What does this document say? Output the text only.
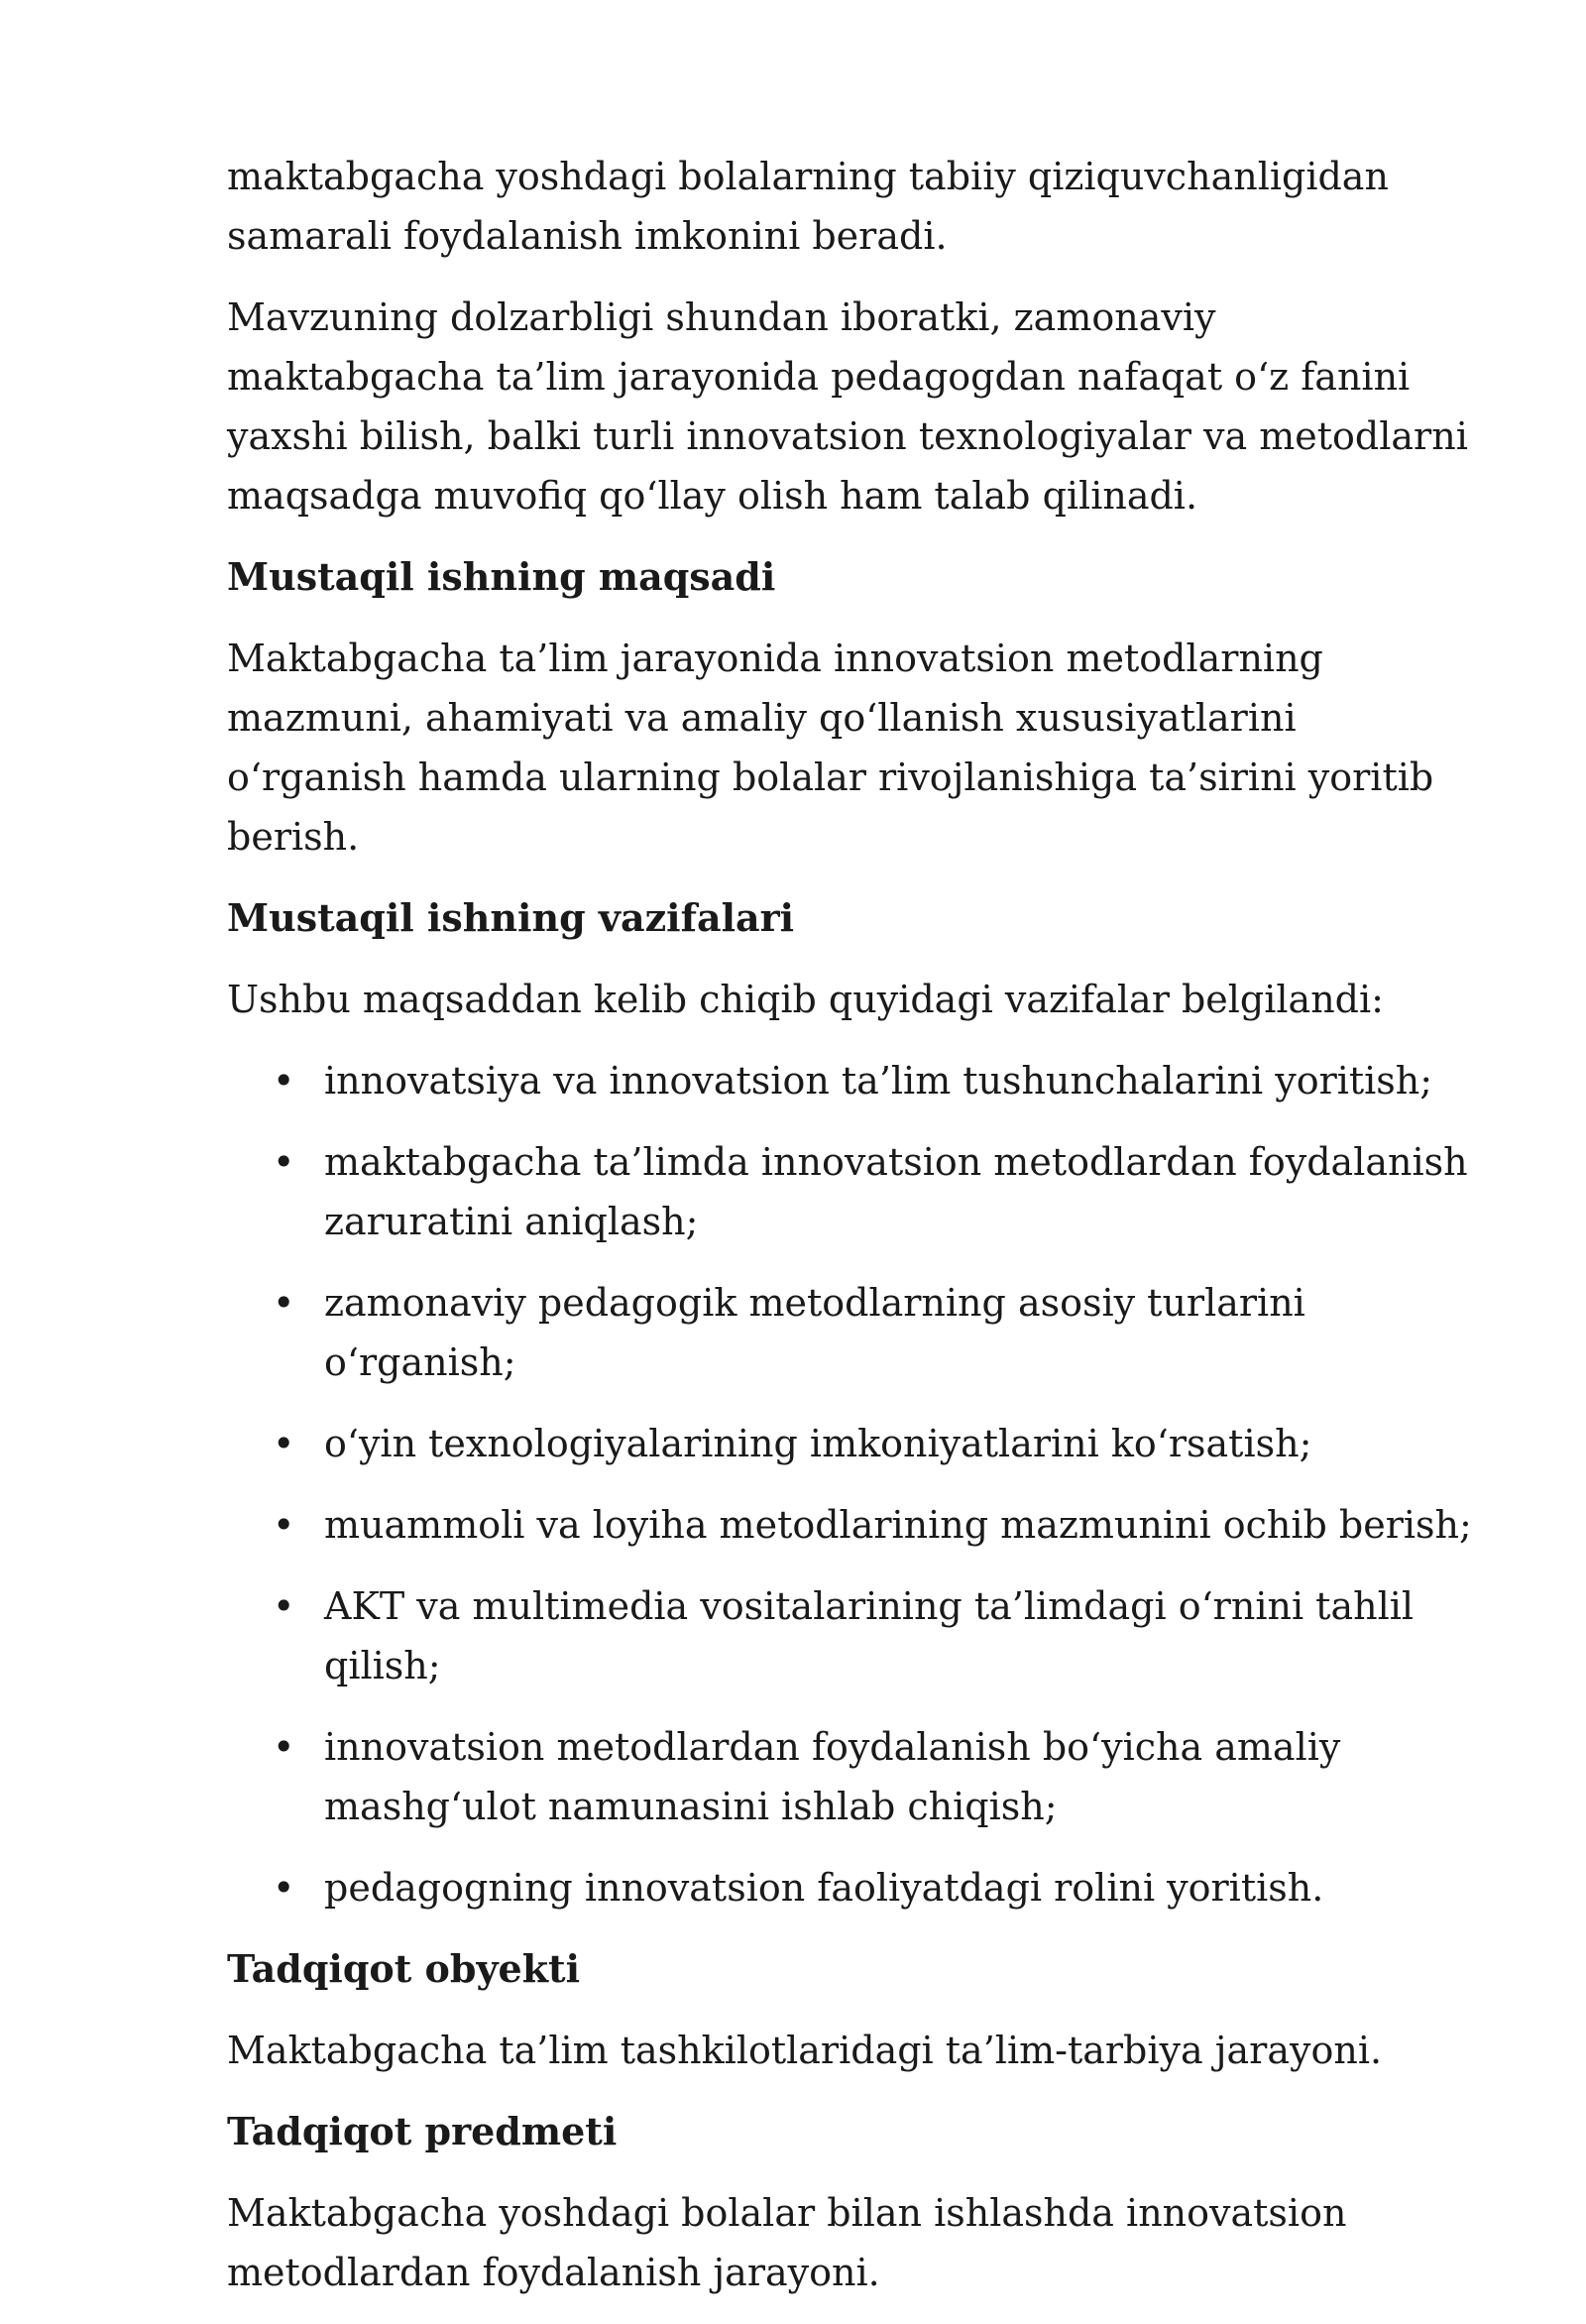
maktabgacha yoshdagi bolalarning tabiiy qiziquvchanligidan samarali foydalanish imkonini beradi.

Mavzuning dolzarbligi shundan iboratki, zamonaviy maktabgacha ta’lim jarayonida pedagogdan nafaqat o‘z fanini yaxshi bilish, balki turli innovatsion texnologiyalar va metodlarni maqsadga muvofiq qo‘llay olish ham talab qilinadi.

Mustaqil ishning maqsadi

Maktabgacha ta’lim jarayonida innovatsion metodlarning mazmuni, ahamiyati va amaliy qo‘llanish xususiyatlarini o‘rganish hamda ularning bolalar rivojlanishiga ta’sirini yoritib berish.

Mustaqil ishning vazifalari

Ushbu maqsaddan kelib chiqib quyidagi vazifalar belgilandi:

• innovatsiya va innovatsion ta’lim tushunchalarini yoritish;
• maktabgacha ta’limda innovatsion metodlardan foydalanish zaruratini aniqlash;
• zamonaviy pedagogik metodlarning asosiy turlarini o‘rganish;
• o‘yin texnologiyalarining imkoniyatlarini ko‘rsatish;
• muammoli va loyiha metodlarining mazmunini ochib berish;
• AKT va multimedia vositalarining ta’limdagi o‘rnini tahlil qilish;
• innovatsion metodlardan foydalanish bo‘yicha amaliy mashg‘ulot namunasini ishlab chiqish;
• pedagogning innovatsion faoliyatdagi rolini yoritish.
Tadqiqot obyekti

Maktabgacha ta’lim tashkilotlaridagi ta’lim-tarbiya jarayoni.

Tadqiqot predmeti

Maktabgacha yoshdagi bolalar bilan ishlashda innovatsion metodlardan foydalanish jarayoni.
